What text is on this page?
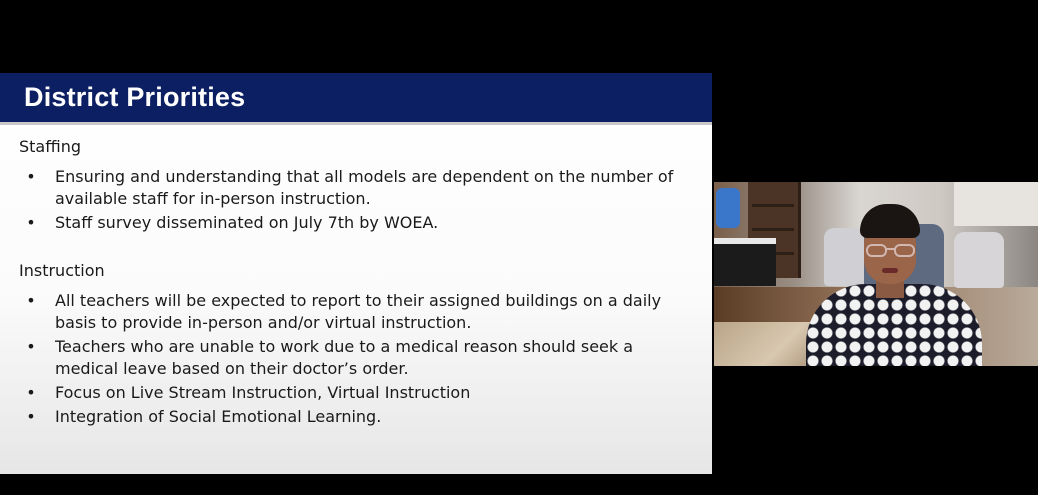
District Priorities

Staffing

• Ensuring and understanding that all models are dependent on the number of available staff for in-person instruction.
• Staff survey disseminated on July 7th by WOEA.

Instruction

• All teachers will be expected to report to their assigned buildings on a daily basis to provide in-person and/or virtual instruction.
• Teachers who are unable to work due to a medical reason should seek a medical leave based on their doctor’s order.
• Focus on Live Stream Instruction, Virtual Instruction
• Integration of Social Emotional Learning.
